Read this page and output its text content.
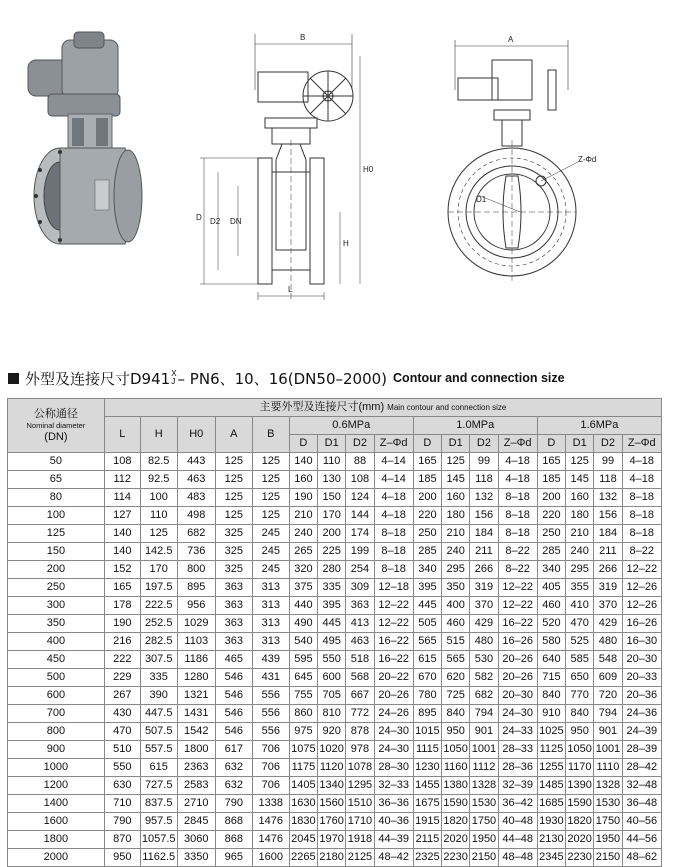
B
D D2 DN
L
H0
H
A
Z-Φd
D1
外型及连接尺寸D941 X
J – PN6、10、16(DN50–2000) Contour and connection size
公称通径
Nominal diameter
(DN)	主要外型及连接尺寸(mm) Main contour and connection size																
	L	H	H0	A	B	0.6MPa				1.0MPa				1.6MPa			
						D	D1	D2	Z–Φd	D	D1	D2	Z–Φd	D	D1	D2	Z–Φd
50	108	82.5	443	125	125	140	110	88	4–14	165	125	99	4–18	165	125	99	4–18
65	112	92.5	463	125	125	160	130	108	4–14	185	145	118	4–18	185	145	118	4–18
80	114	100	483	125	125	190	150	124	4–18	200	160	132	8–18	200	160	132	8–18
100	127	110	498	125	125	210	170	144	4–18	220	180	156	8–18	220	180	156	8–18
125	140	125	682	325	245	240	200	174	8–18	250	210	184	8–18	250	210	184	8–18
150	140	142.5	736	325	245	265	225	199	8–18	285	240	211	8–22	285	240	211	8–22
200	152	170	800	325	245	320	280	254	8–18	340	295	266	8–22	340	295	266	12–22
250	165	197.5	895	363	313	375	335	309	12–18	395	350	319	12–22	405	355	319	12–26
300	178	222.5	956	363	313	440	395	363	12–22	445	400	370	12–22	460	410	370	12–26
350	190	252.5	1029	363	313	490	445	413	12–22	505	460	429	16–22	520	470	429	16–26
400	216	282.5	1103	363	313	540	495	463	16–22	565	515	480	16–26	580	525	480	16–30
450	222	307.5	1186	465	439	595	550	518	16–22	615	565	530	20–26	640	585	548	20–30
500	229	335	1280	546	431	645	600	568	20–22	670	620	582	20–26	715	650	609	20–33
600	267	390	1321	546	556	755	705	667	20–26	780	725	682	20–30	840	770	720	20–36
700	430	447.5	1431	546	556	860	810	772	24–26	895	840	794	24–30	910	840	794	24–36
800	470	507.5	1542	546	556	975	920	878	24–30	1015	950	901	24–33	1025	950	901	24–39
900	510	557.5	1800	617	706	1075	1020	978	24–30	1115	1050	1001	28–33	1125	1050	1001	28–39
1000	550	615	2363	632	706	1175	1120	1078	28–30	1230	1160	1112	28–36	1255	1170	1110	28–42
1200	630	727.5	2583	632	706	1405	1340	1295	32–33	1455	1380	1328	32–39	1485	1390	1328	32–48
1400	710	837.5	2710	790	1338	1630	1560	1510	36–36	1675	1590	1530	36–42	1685	1590	1530	36–48
1600	790	957.5	2845	868	1476	1830	1760	1710	40–36	1915	1820	1750	40–48	1930	1820	1750	40–56
1800	870	1057.5	3060	868	1476	2045	1970	1918	44–39	2115	2020	1950	44–48	2130	2020	1950	44–56
2000	950	1162.5	3350	965	1600	2265	2180	2125	48–42	2325	2230	2150	48–48	2345	2230	2150	48–62
